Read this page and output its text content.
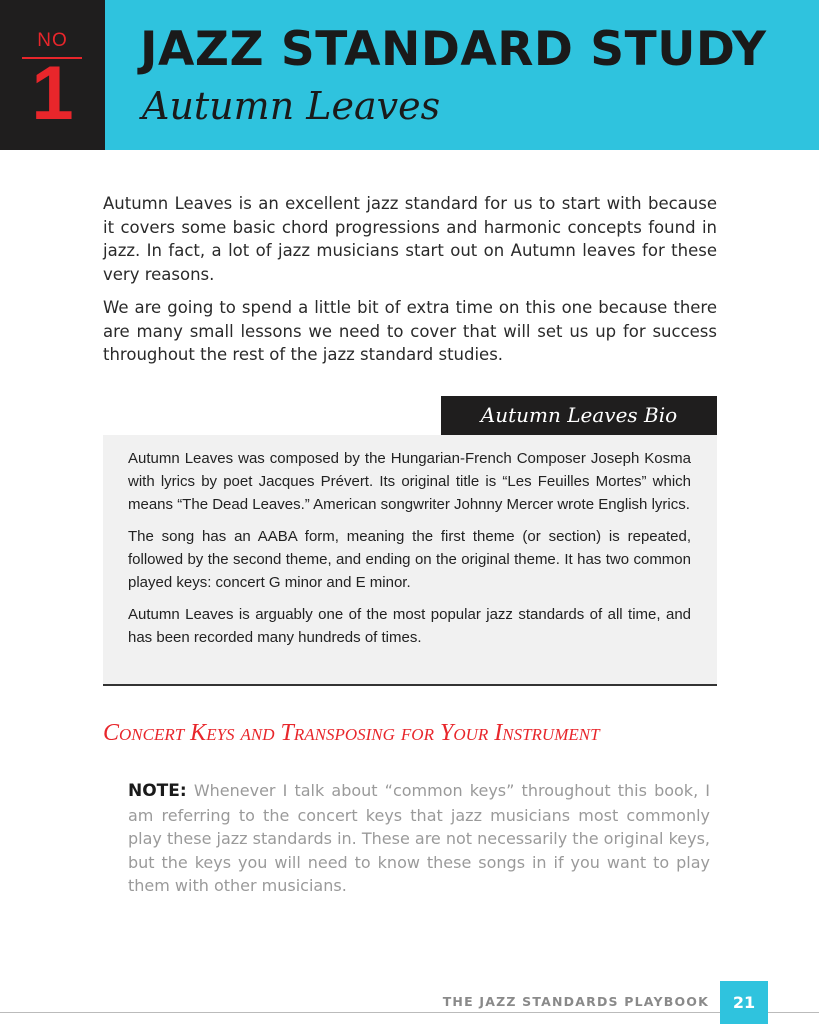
NO
1
JAZZ STANDARD STUDY
Autumn Leaves

Autumn Leaves is an excellent jazz standard for us to start with because it covers some basic chord progressions and harmonic concepts found in jazz. In fact, a lot of jazz musicians start out on Autumn leaves for these very reasons.

We are going to spend a little bit of extra time on this one because there are many small lessons we need to cover that will set us up for success throughout the rest of the jazz standard studies.

Autumn Leaves Bio

Autumn Leaves was composed by the Hungarian-French Composer Joseph Kosma with lyrics by poet Jacques Prévert. Its original title is “Les Feuilles Mortes” which means “The Dead Leaves.” American songwriter Johnny Mercer wrote English lyrics.

The song has an AABA form, meaning the first theme (or section) is repeated, followed by the second theme, and ending on the original theme. It has two common played keys: concert G minor and E minor.

Autumn Leaves is arguably one of the most popular jazz standards of all time, and has been recorded many hundreds of times.

Concert Keys and Transposing for Your Instrument

NOTE: Whenever I talk about “common keys” throughout this book, I am referring to the concert keys that jazz musicians most commonly play these jazz standards in. These are not necessarily the original keys, but the keys you will need to know these songs in if you want to play them with other musicians.

THE JAZZ STANDARDS PLAYBOOK	21
